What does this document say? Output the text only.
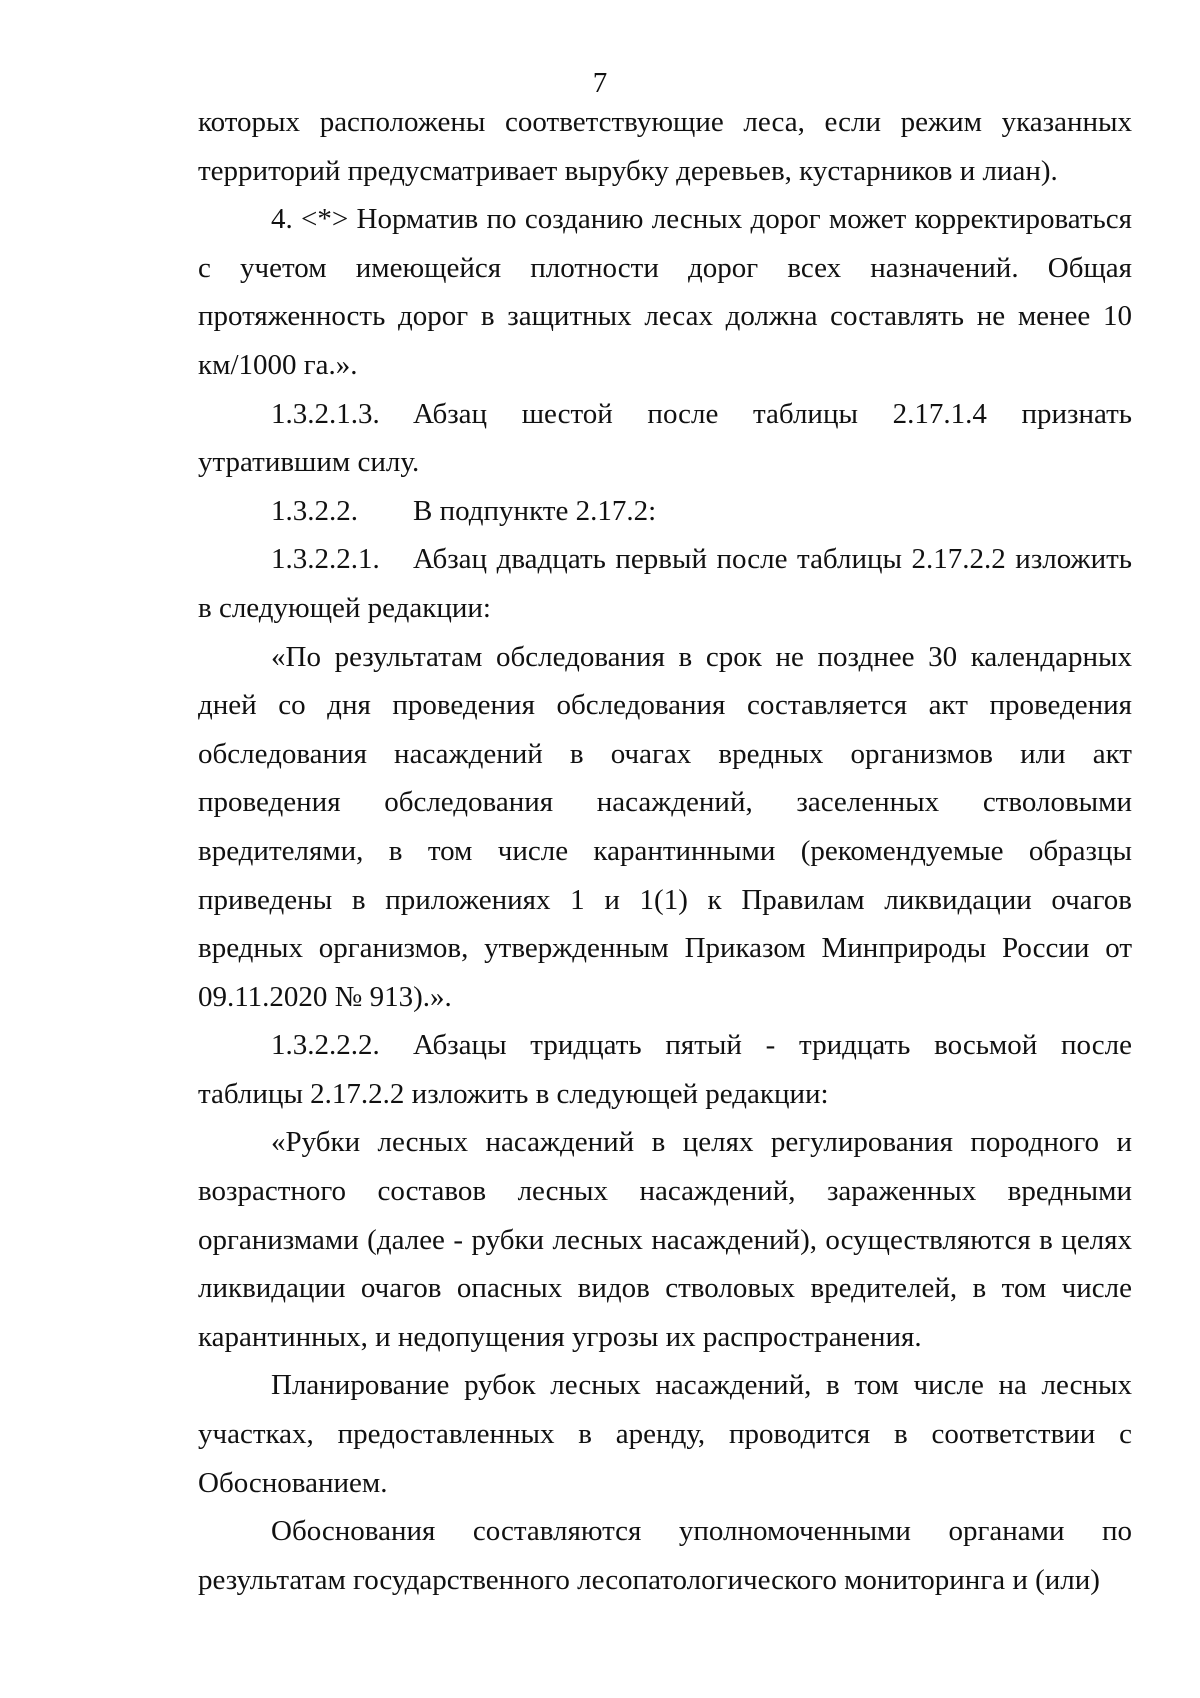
7

которых расположены соответствующие леса, если режим указанных территорий предусматривает вырубку деревьев, кустарников и лиан).

4. <*> Норматив по созданию лесных дорог может корректироваться с учетом имеющейся плотности дорог всех назначений. Общая протяженность дорог в защитных лесах должна составлять не менее 10 км/1000 га.».

1.3.2.1.3. Абзац шестой после таблицы 2.17.1.4 признать утратившим силу.

1.3.2.2. В подпункте 2.17.2:

1.3.2.2.1. Абзац двадцать первый после таблицы 2.17.2.2 изложить в следующей редакции:

«По результатам обследования в срок не позднее 30 календарных дней со дня проведения обследования составляется акт проведения обследования насаждений в очагах вредных организмов или акт проведения обследования насаждений, заселенных стволовыми вредителями, в том числе карантинными (рекомендуемые образцы приведены в приложениях 1 и 1(1) к Правилам ликвидации очагов вредных организмов, утвержденным Приказом Минприроды России от 09.11.2020 № 913).».

1.3.2.2.2. Абзацы тридцать пятый - тридцать восьмой после таблицы 2.17.2.2 изложить в следующей редакции:

«Рубки лесных насаждений в целях регулирования породного и возрастного составов лесных насаждений, зараженных вредными организмами (далее - рубки лесных насаждений), осуществляются в целях ликвидации очагов опасных видов стволовых вредителей, в том числе карантинных, и недопущения угрозы их распространения.

Планирование рубок лесных насаждений, в том числе на лесных участках, предоставленных в аренду, проводится в соответствии с Обоснованием.

Обоснования составляются уполномоченными органами по результатам государственного лесопатологического мониторинга и (или)
